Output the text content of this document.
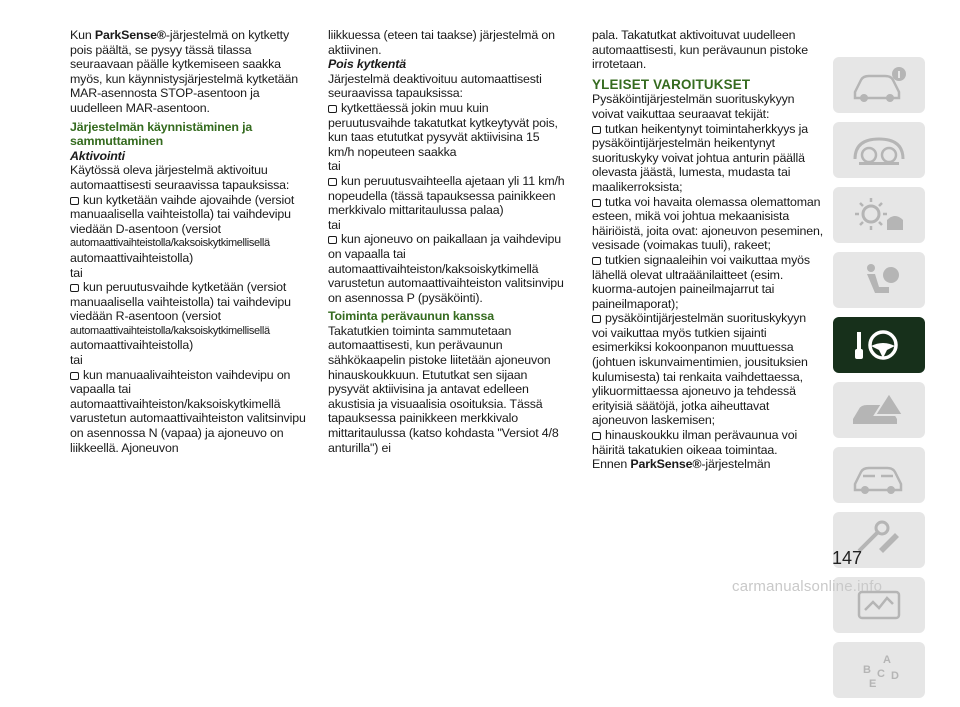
Kun ParkSense®-järjestelmä on kytketty pois päältä, se pysyy tässä tilassa seuraavaan päälle kytkemiseen saakka myös, kun käynnistysjärjestelmä kytketään MAR-asennosta STOP-asentoon ja uudelleen MAR-asentoon.

Järjestelmän käynnistäminen ja sammuttaminen

Aktivointi

Käytössä oleva järjestelmä aktivoituu automaattisesti seuraavissa tapauksissa:

kun kytketään vaihde ajovaihde (versiot manuaalisella vaihteistolla) tai vaihdevipu viedään D-asentoon (versiot

automaattivaihteistolla/kaksoiskytkimellisellä

automaattivaihteistolla)

tai

kun peruutusvaihde kytketään (versiot manuaalisella vaihteistolla) tai vaihdevipu viedään R-asentoon (versiot

automaattivaihteistolla/kaksoiskytkimellisellä

automaattivaihteistolla)

tai

kun manuaalivaihteiston vaihdevipu on vapaalla tai automaattivaihteiston/kaksoiskytkimellä varustetun automaattivaihteiston valitsinvipu on asennossa N (vapaa) ja ajoneuvo on liikkeellä. Ajoneuvon

liikkuessa (eteen tai taakse) järjestelmä on aktiivinen.

Pois kytkentä

Järjestelmä deaktivoituu automaattisesti seuraavissa tapauksissa:

kytkettäessä jokin muu kuin peruutusvaihde takatutkat kytkeytyvät pois, kun taas etututkat pysyvät aktiivisina 15 km/h nopeuteen saakka

tai

kun peruutusvaihteella ajetaan yli 11 km/h nopeudella (tässä tapauksessa painikkeen merkkivalo mittaritaulussa palaa)

tai

kun ajoneuvo on paikallaan ja vaihdevipu on vapaalla tai automaattivaihteiston/kaksoiskytkimellä varustetun automaattivaihteiston valitsinvipu on asennossa P (pysäköinti).

Toiminta perävaunun kanssa

Takatutkien toiminta sammutetaan automaattisesti, kun perävaunun sähkökaapelin pistoke liitetään ajoneuvon hinauskoukkuun. Etututkat sen sijaan pysyvät aktiivisina ja antavat edelleen akustisia ja visuaalisia osoituksia. Tässä tapauksessa painikkeen merkkivalo mittaritaulussa (katso kohdasta "Versiot 4/8 anturilla") ei

pala. Takatutkat aktivoituvat uudelleen automaattisesti, kun perävaunun pistoke irrotetaan.

YLEISET VAROITUKSET

Pysäköintijärjestelmän suorituskykyyn voivat vaikuttaa seuraavat tekijät:

tutkan heikentynyt toimintaherkkyys ja pysäköintijärjestelmän heikentynyt suorituskyky voivat johtua anturin päällä olevasta jäästä, lumesta, mudasta tai maalikerroksista;

tutka voi havaita olemassa olemattoman esteen, mikä voi johtua mekaanisista häiriöistä, joita ovat: ajoneuvon peseminen, vesisade (voimakas tuuli), rakeet;

tutkien signaaleihin voi vaikuttaa myös lähellä olevat ultraäänilaitteet (esim. kuorma-autojen paineilmajarrut tai paineilmaporat);

pysäköintijärjestelmän suorituskykyyn voi vaikuttaa myös tutkien sijainti esimerkiksi kokoonpanon muuttuessa (johtuen iskunvaimentimien, jousituksien kulumisesta) tai renkaita vaihdettaessa, ylikuormittaessa ajoneuvo ja tehdessä erityisiä säätöjä, jotka aiheuttavat ajoneuvon laskemisen;

hinauskoukku ilman perävaunua voi häiritä takatukien oikeaa toimintaa.

Ennen ParkSense®-järjestelmän

A
B C D
E
147
carmanualsonline.info
